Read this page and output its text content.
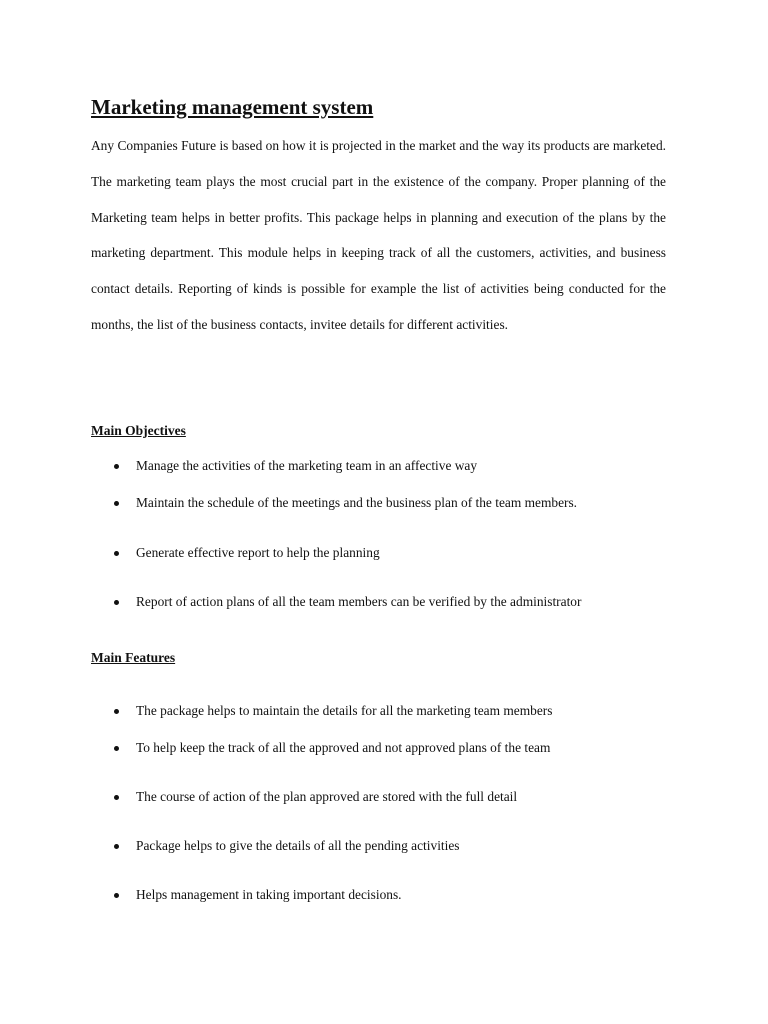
Marketing management system

Any Companies Future is based on how it is projected in the market and the way its products are marketed. The marketing team plays the most crucial part in the existence of the company. Proper planning of the Marketing team helps in better profits. This package helps in planning and execution of the plans by the marketing department. This module helps in keeping track of all the customers, activities, and business contact details. Reporting of kinds is possible for example the list of activities being conducted for the months, the list of the business contacts, invitee details for different activities.

Main Objectives
Manage the activities of the marketing team in an affective way
Maintain the schedule of the meetings and the business plan of the team members.
Generate effective report to help the planning
Report of action plans of all the team members can be verified by the administrator
Main Features
The package helps to maintain the details for all the marketing team members
To help keep the track of all the approved and not approved plans of the team
The course of action of the plan approved are stored with the full detail
Package helps to give the details of all the pending activities
Helps management in taking important decisions.
